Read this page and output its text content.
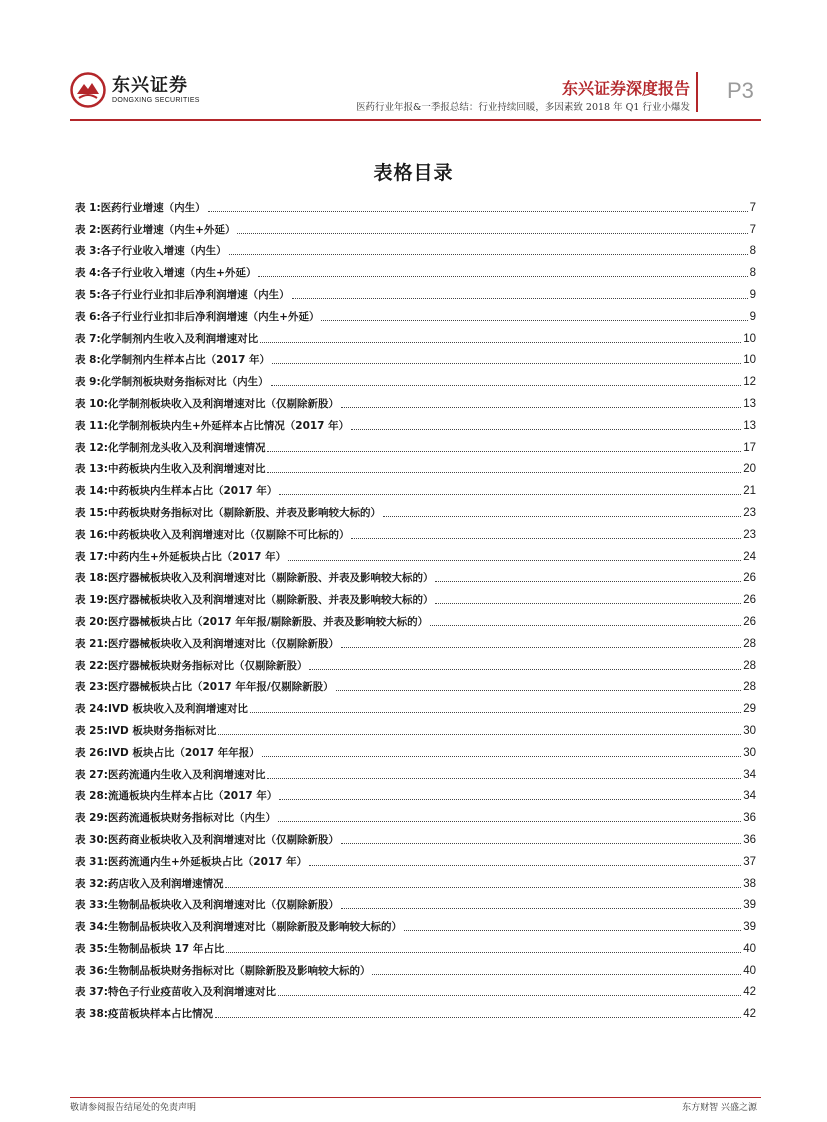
东兴证券
DONGXING SECURITIES
东兴证券深度报告
医药行业年报&一季报总结：行业持续回暖，多因素致 2018 年 Q1 行业小爆发
P3
表格目录
表 1:医药行业增速（内生）	7
表 2:医药行业增速（内生+外延）	7
表 3:各子行业收入增速（内生）	8
表 4:各子行业收入增速（内生+外延）	8
表 5:各子行业行业扣非后净利润增速（内生）	9
表 6:各子行业行业扣非后净利润增速（内生+外延）	9
表 7:化学制剂内生收入及利润增速对比	10
表 8:化学制剂内生样本占比（2017 年）	10
表 9:化学制剂板块财务指标对比（内生）	12
表 10:化学制剂板块收入及利润增速对比（仅剔除新股）	13
表 11:化学制剂板块内生+外延样本占比情况（2017 年）	13
表 12:化学制剂龙头收入及利润增速情况	17
表 13:中药板块内生收入及利润增速对比	20
表 14:中药板块内生样本占比（2017 年）	21
表 15:中药板块财务指标对比（剔除新股、并表及影响较大标的）	23
表 16:中药板块收入及利润增速对比（仅剔除不可比标的）	23
表 17:中药内生+外延板块占比（2017 年）	24
表 18:医疗器械板块收入及利润增速对比（剔除新股、并表及影响较大标的）	26
表 19:医疗器械板块收入及利润增速对比（剔除新股、并表及影响较大标的）	26
表 20:医疗器械板块占比（2017 年年报/剔除新股、并表及影响较大标的）	26
表 21:医疗器械板块收入及利润增速对比（仅剔除新股）	28
表 22:医疗器械板块财务指标对比（仅剔除新股）	28
表 23:医疗器械板块占比（2017 年年报/仅剔除新股）	28
表 24:IVD 板块收入及利润增速对比	29
表 25:IVD 板块财务指标对比	30
表 26:IVD 板块占比（2017 年年报）	30
表 27:医药流通内生收入及利润增速对比	34
表 28:流通板块内生样本占比（2017 年）	34
表 29:医药流通板块财务指标对比（内生）	36
表 30:医药商业板块收入及利润增速对比（仅剔除新股）	36
表 31:医药流通内生+外延板块占比（2017 年）	37
表 32:药店收入及利润增速情况	38
表 33:生物制品板块收入及利润增速对比（仅剔除新股）	39
表 34:生物制品板块收入及利润增速对比（剔除新股及影响较大标的）	39
表 35:生物制品板块 17 年占比	40
表 36:生物制品板块财务指标对比（剔除新股及影响较大标的）	40
表 37:特色子行业疫苗收入及利润增速对比	42
表 38:疫苗板块样本占比情况	42
敬请参阅报告结尾处的免责声明	东方财智 兴盛之源
